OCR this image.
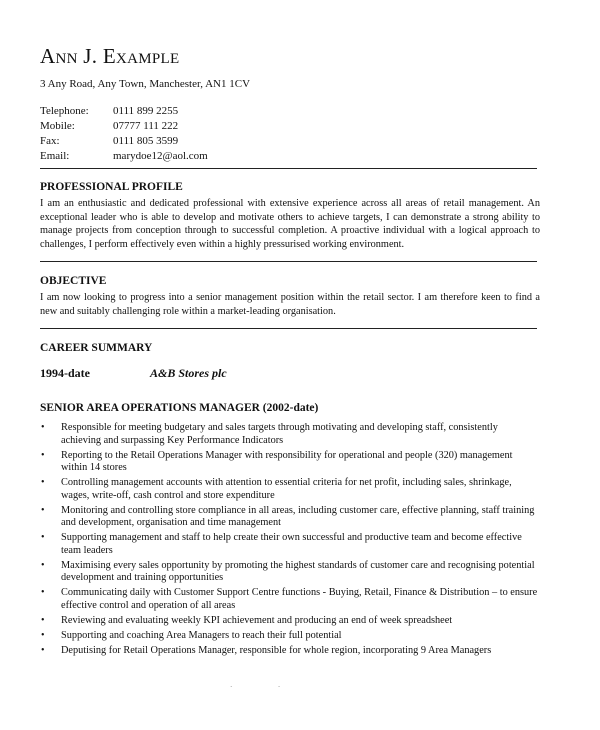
Ann J. Example
3 Any Road, Any Town, Manchester, AN1 1CV
Telephone:	0111 899 2255
Mobile:	07777 111 222
Fax:	0111 805 3599
Email:	marydoe12@aol.com
PROFESSIONAL PROFILE

I am an enthusiastic and dedicated professional with extensive experience across all areas of retail management. An exceptional leader who is able to develop and motivate others to achieve targets, I can demonstrate a strong ability to manage projects from conception through to successful completion. A proactive individual with a logical approach to challenges, I perform effectively even within a highly pressurised working environment.

OBJECTIVE

I am now looking to progress into a senior management position within the retail sector. I am therefore keen to find a new and suitably challenging role within a market-leading organisation.

CAREER SUMMARY
1994-date	A&B Stores plc
SENIOR AREA OPERATIONS MANAGER (2002-date)
• Responsible for meeting budgetary and sales targets through motivating and developing staff, consistently achieving and surpassing Key Performance Indicators
• Reporting to the Retail Operations Manager with responsibility for operational and people (320) management within 14 stores
• Controlling management accounts with attention to essential criteria for net profit, including sales, shrinkage, wages, write-off, cash control and store expenditure
• Monitoring and controlling store compliance in all areas, including customer care, effective planning, staff training and development, organisation and time management
• Supporting management and staff to help create their own successful and productive team and become effective team leaders
• Maximising every sales opportunity by promoting the highest standards of customer care and recognising potential development and training opportunities
• Communicating daily with Customer Support Centre functions - Buying, Retail, Finance & Distribution – to ensure effective control and operation of all areas
• Reviewing and evaluating weekly KPI achievement and producing an end of week spreadsheet
• Supporting and coaching Area Managers to reach their full potential
• Deputising for Retail Operations Manager, responsible for whole region, incorporating 9 Area Managers
·                          ·
